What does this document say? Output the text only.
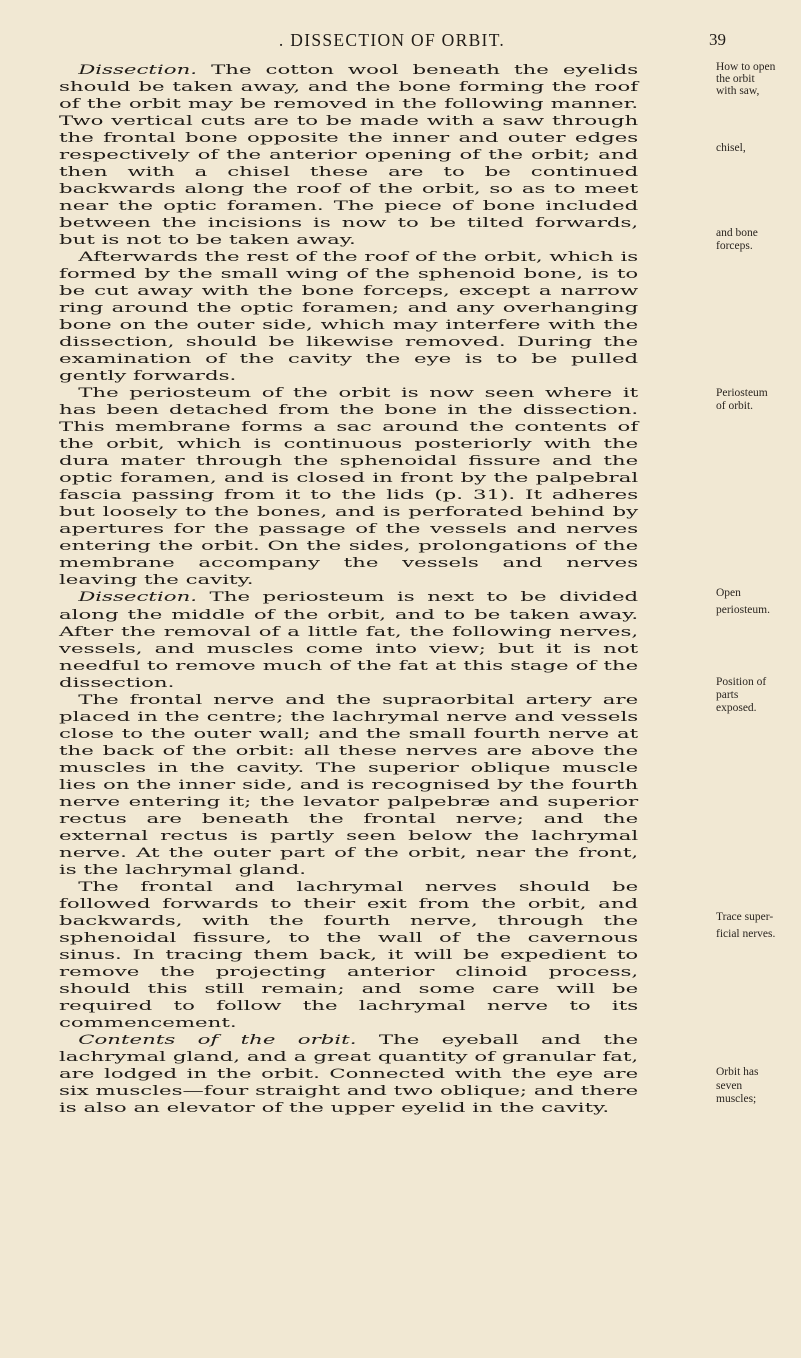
. DISSECTION OF ORBIT.	39

Dissection. The cotton wool beneath the eyelids should be taken away, and the bone forming the roof of the orbit may be removed in the following manner. Two vertical cuts are to be made with a saw through the frontal bone opposite the inner and outer edges respectively of the anterior opening of the orbit; and then with a chisel these are to be continued backwards along the roof of the orbit, so as to meet near the optic foramen. The piece of bone included between the incisions is now to be tilted forwards, but is not to be taken away.

Afterwards the rest of the roof of the orbit, which is formed by the small wing of the sphenoid bone, is to be cut away with the bone forceps, except a narrow ring around the optic foramen; and any overhanging bone on the outer side, which may interfere with the dissection, should be likewise removed. During the examination of the cavity the eye is to be pulled gently forwards.

The periosteum of the orbit is now seen where it has been detached from the bone in the dissection. This membrane forms a sac around the contents of the orbit, which is continuous posteriorly with the dura mater through the sphenoidal fissure and the optic foramen, and is closed in front by the palpebral fascia passing from it to the lids (p. 31). It adheres but loosely to the bones, and is perforated behind by apertures for the passage of the vessels and nerves entering the orbit. On the sides, prolongations of the membrane accompany the vessels and nerves leaving the cavity.

Dissection. The periosteum is next to be divided along the middle of the orbit, and to be taken away. After the removal of a little fat, the following nerves, vessels, and muscles come into view; but it is not needful to remove much of the fat at this stage of the dissection.

The frontal nerve and the supraorbital artery are placed in the centre; the lachrymal nerve and vessels close to the outer wall; and the small fourth nerve at the back of the orbit: all these nerves are above the muscles in the cavity. The superior oblique muscle lies on the inner side, and is recognised by the fourth nerve entering it; the levator palpebræ and superior rectus are beneath the frontal nerve; and the external rectus is partly seen below the lachrymal nerve. At the outer part of the orbit, near the front, is the lachrymal gland.

The frontal and lachrymal nerves should be followed forwards to their exit from the orbit, and backwards, with the fourth nerve, through the sphenoidal fissure, to the wall of the cavernous sinus. In tracing them back, it will be expedient to remove the projecting anterior clinoid process, should this still remain; and some care will be required to follow the lachrymal nerve to its commencement.

Contents of the orbit. The eyeball and the lachrymal gland, and a great quantity of granular fat, are lodged in the orbit. Connected with the eye are six muscles—four straight and two oblique; and there is also an elevator of the upper eyelid in the cavity.

How to open
the orbit
with saw,
chisel,
and bone
forceps.
Periosteum
of orbit.
Open
periosteum.
Position of
parts
exposed.
Trace super-
ficial nerves.
Orbit has
seven
muscles;
